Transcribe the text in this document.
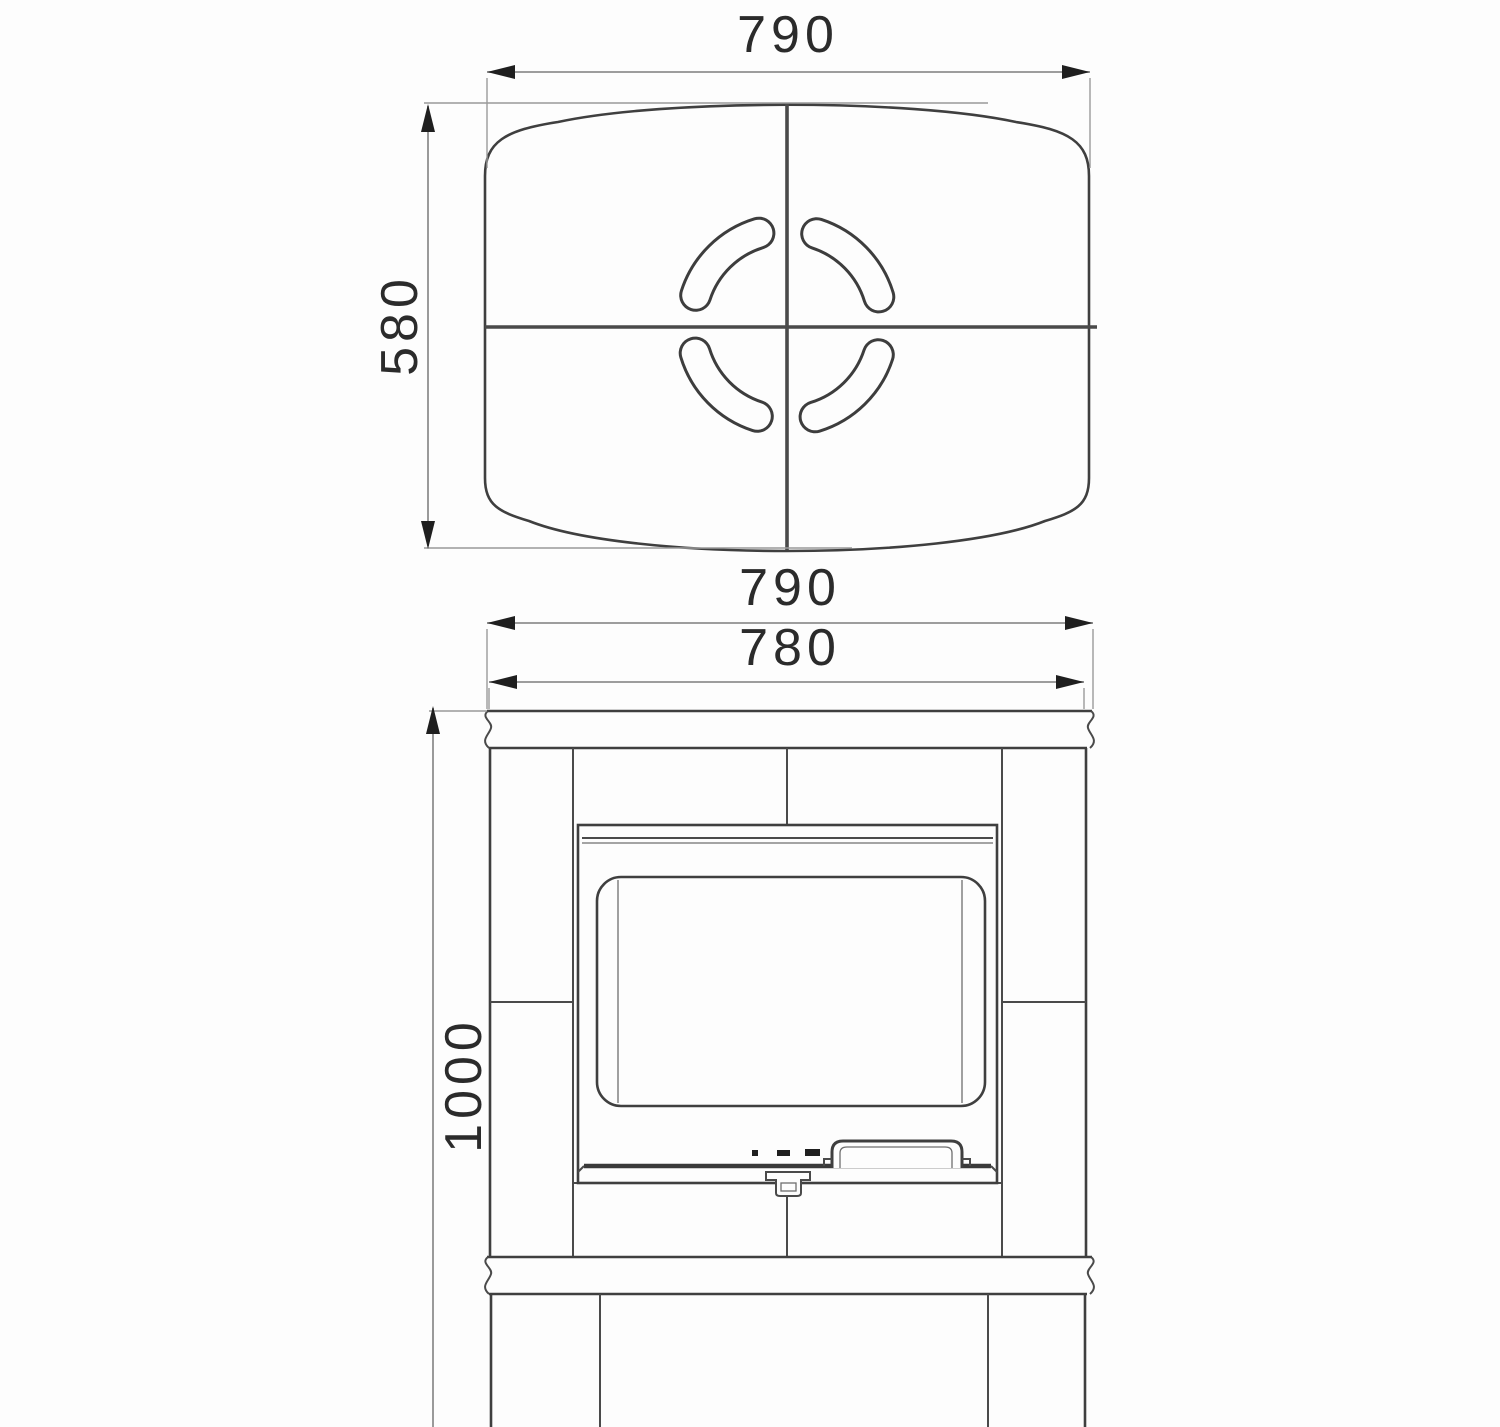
790
580
790
780
1000
